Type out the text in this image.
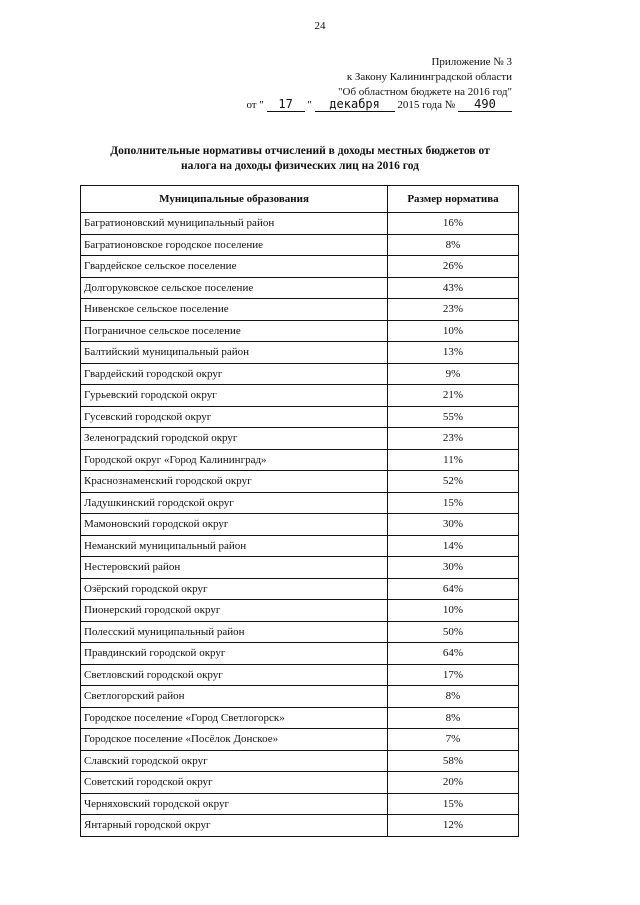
24
Приложение № 3
к Закону Калининградской области
"Об областном бюджете на 2016 год"
от " 17 " декабря 2015 года № 490
Дополнительные нормативы отчислений в доходы местных бюджетов от
налога на доходы физических лиц на 2016 год
Муниципальные образования	Размер норматива
Багратионовский муниципальный район	16%
Багратионовское городское поселение	8%
Гвардейское сельское поселение	26%
Долгоруковское сельское поселение	43%
Нивенское сельское поселение	23%
Пограничное сельское поселение	10%
Балтийский муниципальный район	13%
Гвардейский городской округ	9%
Гурьевский городской округ	21%
Гусевский городской округ	55%
Зеленоградский городской округ	23%
Городской округ «Город Калининград»	11%
Краснознаменский городской округ	52%
Ладушкинский городской округ	15%
Мамоновский городской округ	30%
Неманский муниципальный район	14%
Нестеровский район	30%
Озёрский городской округ	64%
Пионерский городской округ	10%
Полесский муниципальный район	50%
Правдинский городской округ	64%
Светловский городской округ	17%
Светлогорский район	8%
Городское поселение «Город Светлогорск»	8%
Городское поселение «Посёлок Донское»	7%
Славский городской округ	58%
Советский городской округ	20%
Черняховский городской округ	15%
Янтарный городской округ	12%
